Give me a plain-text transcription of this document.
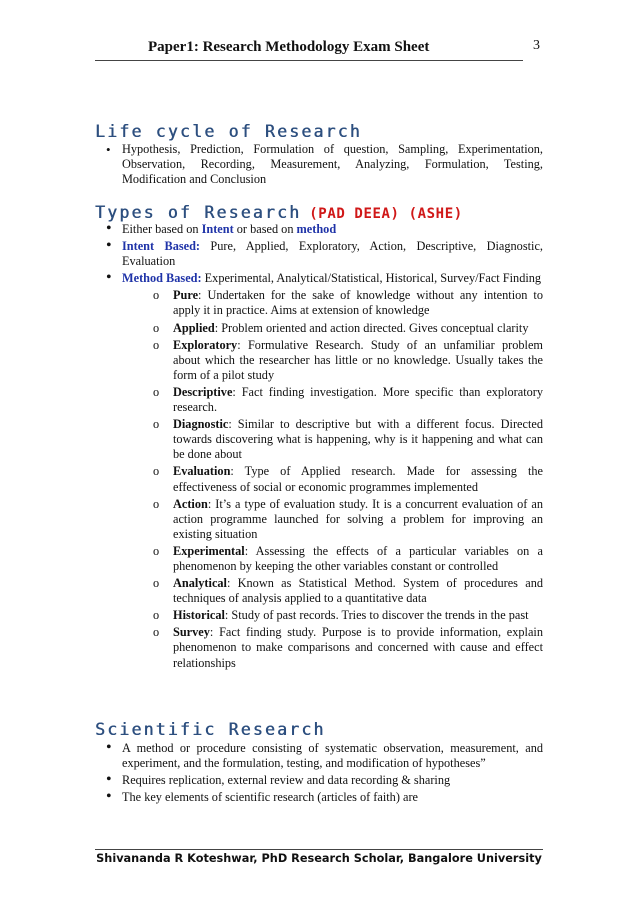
Paper1: Research Methodology Exam Sheet	3
Life cycle of Research
• Hypothesis, Prediction, Formulation of question, Sampling, Experimentation, Observation, Recording, Measurement, Analyzing, Formulation, Testing, Modification and Conclusion
Types of Research (PAD DEEA) (ASHE)
• Either based on Intent or based on method
• Intent Based: Pure, Applied, Exploratory, Action, Descriptive, Diagnostic, Evaluation
• Method Based: Experimental, Analytical/Statistical, Historical, Survey/Fact Finding
o Pure: Undertaken for the sake of knowledge without any intention to apply it in practice. Aims at extension of knowledge
o Applied: Problem oriented and action directed. Gives conceptual clarity
o Exploratory: Formulative Research. Study of an unfamiliar problem about which the researcher has little or no knowledge. Usually takes the form of a pilot study
o Descriptive: Fact finding investigation. More specific than exploratory research.
o Diagnostic: Similar to descriptive but with a different focus. Directed towards discovering what is happening, why is it happening and what can be done about
o Evaluation: Type of Applied research. Made for assessing the effectiveness of social or economic programmes implemented
o Action: It’s a type of evaluation study. It is a concurrent evaluation of an action programme launched for solving a problem for improving an existing situation
o Experimental: Assessing the effects of a particular variables on a phenomenon by keeping the other variables constant or controlled
o Analytical: Known as Statistical Method. System of procedures and techniques of analysis applied to a quantitative data
o Historical: Study of past records. Tries to discover the trends in the past
o Survey: Fact finding study. Purpose is to provide information, explain phenomenon to make comparisons and concerned with cause and effect relationships
Scientific Research
• A method or procedure consisting of systematic observation, measurement, and experiment, and the formulation, testing, and modification of hypotheses”
• Requires replication, external review and data recording & sharing
• The key elements of scientific research (articles of faith) are
Shivananda R Koteshwar, PhD Research Scholar, Bangalore University
